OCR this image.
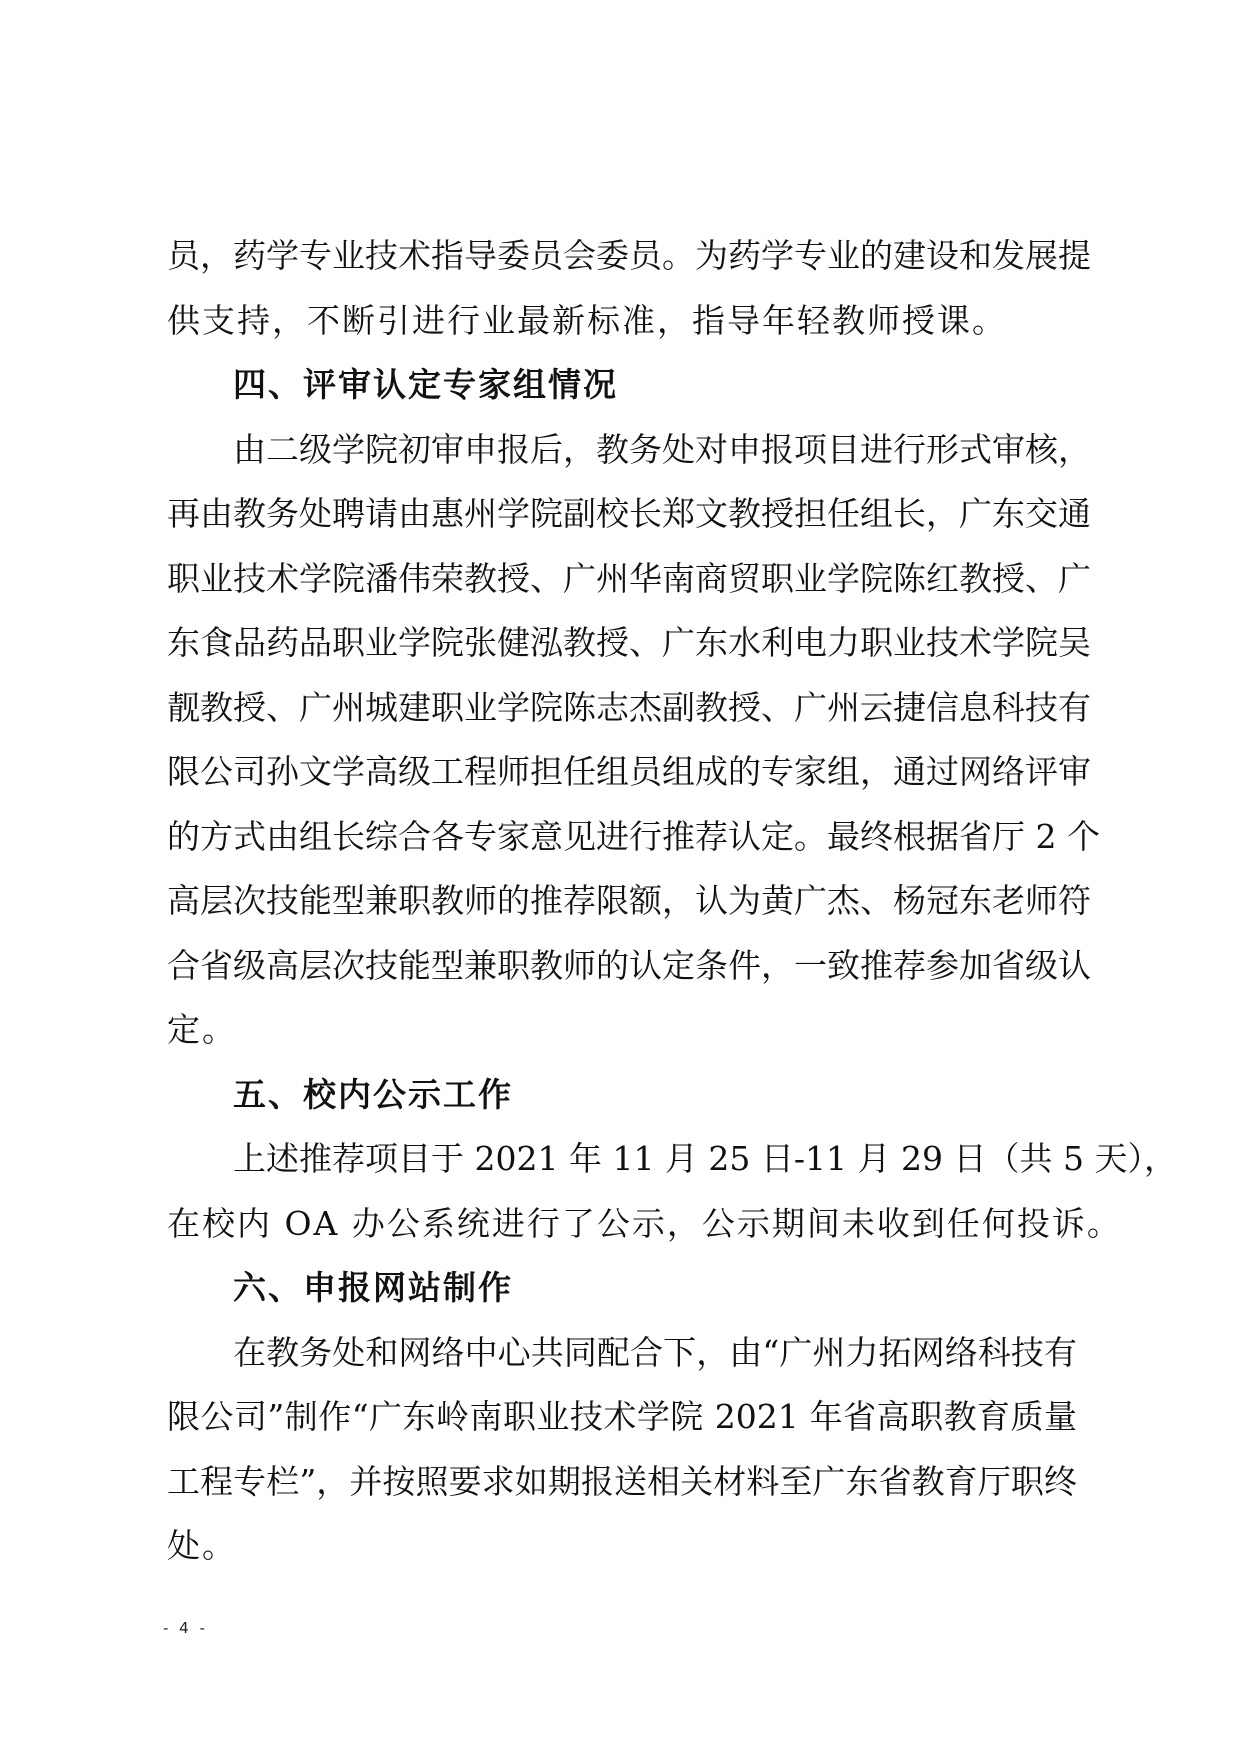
员，药学专业技术指导委员会委员。为药学专业的建设和发展提

供支持，不断引进行业最新标准，指导年轻教师授课。

四、评审认定专家组情况

由二级学院初审申报后，教务处对申报项目进行形式审核，

再由教务处聘请由惠州学院副校长郑文教授担任组长，广东交通

职业技术学院潘伟荣教授、广州华南商贸职业学院陈红教授、广

东食品药品职业学院张健泓教授、广东水利电力职业技术学院吴

靓教授、广州城建职业学院陈志杰副教授、广州云捷信息科技有

限公司孙文学高级工程师担任组员组成的专家组，通过网络评审

的方式由组长综合各专家意见进行推荐认定。最终根据省厅 2 个

高层次技能型兼职教师的推荐限额，认为黄广杰、杨冠东老师符

合省级高层次技能型兼职教师的认定条件，一致推荐参加省级认

定。

五、校内公示工作

上述推荐项目于 2021 年 11 月 25 日-11 月 29 日（共 5 天），

在校内 OA 办公系统进行了公示，公示期间未收到任何投诉。

六、申报网站制作

在教务处和网络中心共同配合下，由“广州力拓网络科技有

限公司”制作“广东岭南职业技术学院 2021 年省高职教育质量

工程专栏”，并按照要求如期报送相关材料至广东省教育厅职终

处。

- 4 -
